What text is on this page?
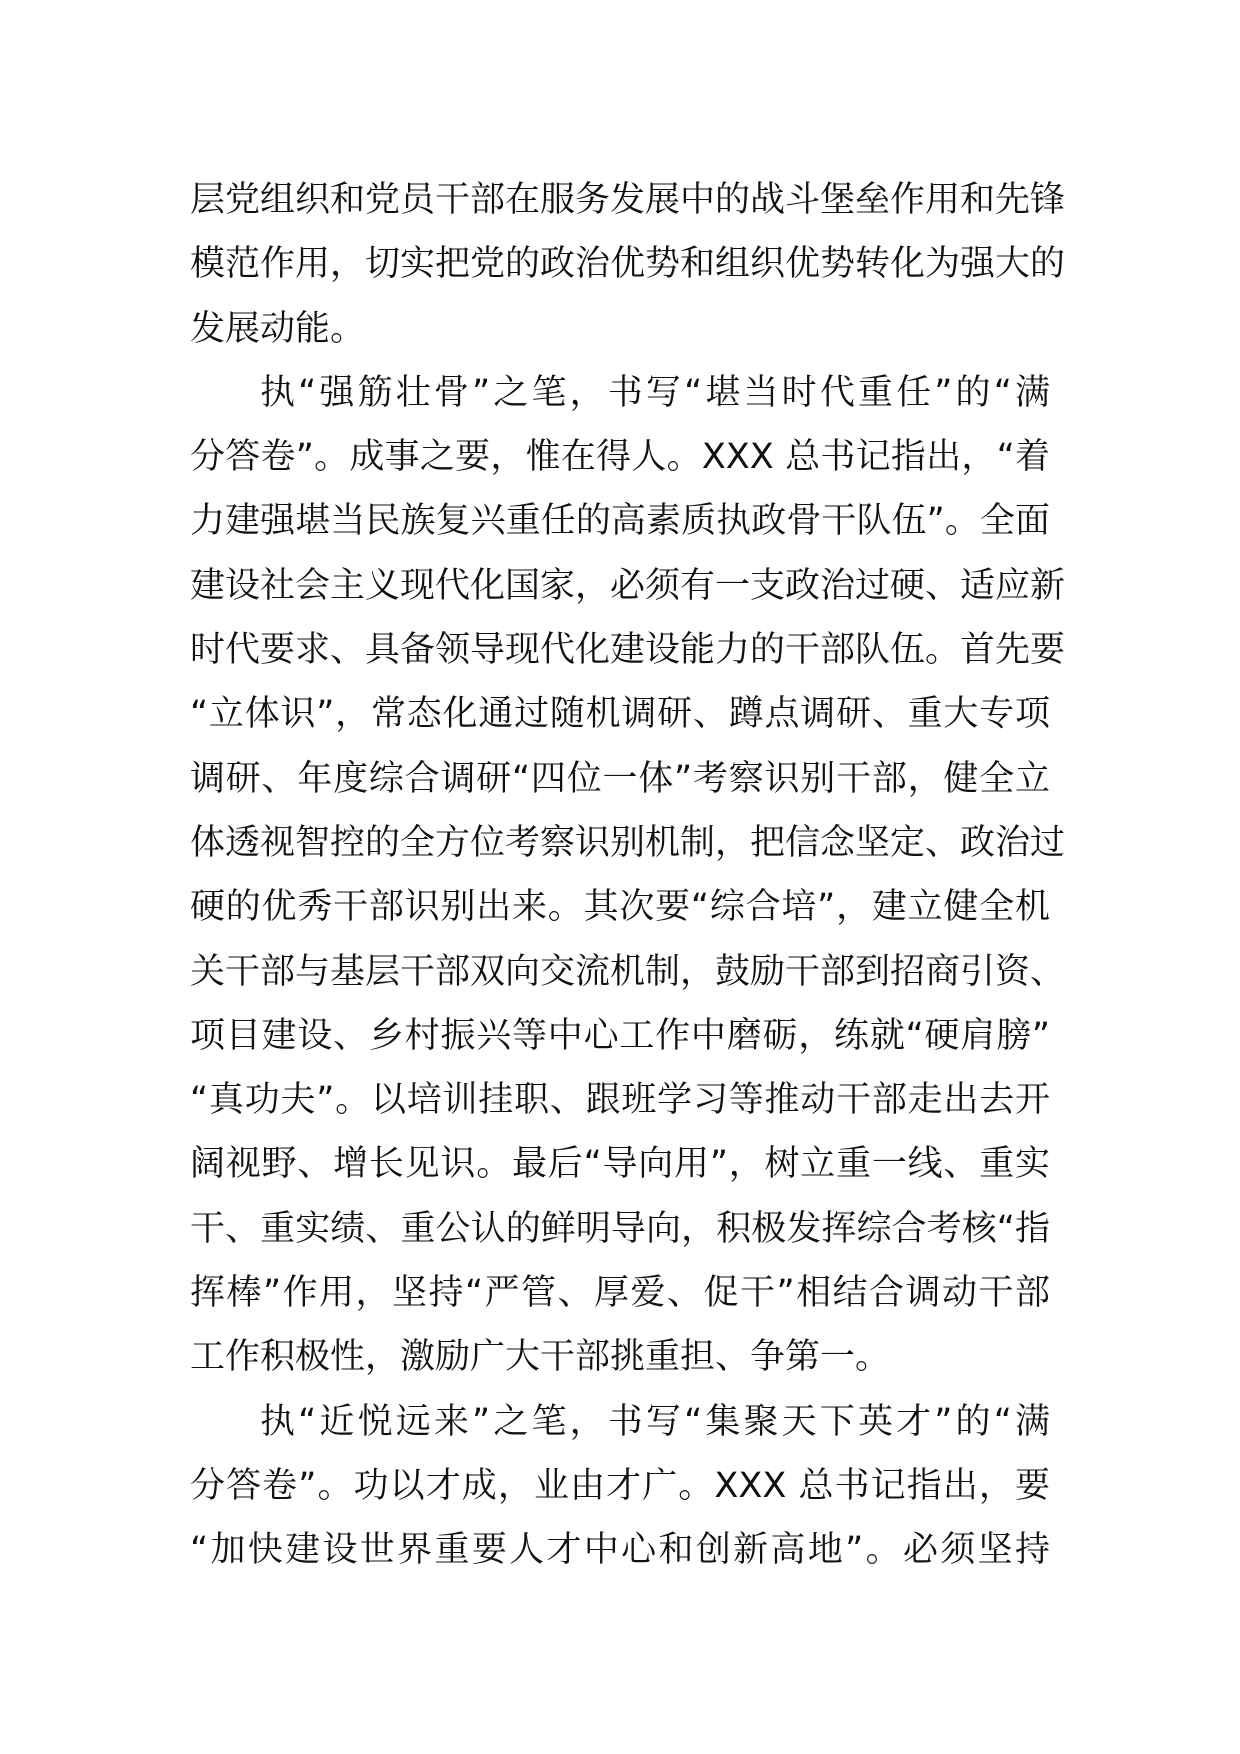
层党组织和党员干部在服务发展中的战斗堡垒作用和先锋
模范作用，切实把党的政治优势和组织优势转化为强大的
发展动能。
执“强筋壮骨”之笔，书写“堪当时代重任”的“满
分答卷”。成事之要，惟在得人。XXX 总书记指出，“着
力建强堪当民族复兴重任的高素质执政骨干队伍”。全面
建设社会主义现代化国家，必须有一支政治过硬、适应新
时代要求、具备领导现代化建设能力的干部队伍。首先要
“立体识”，常态化通过随机调研、蹲点调研、重大专项
调研、年度综合调研“四位一体”考察识别干部，健全立
体透视智控的全方位考察识别机制，把信念坚定、政治过
硬的优秀干部识别出来。其次要“综合培”，建立健全机
关干部与基层干部双向交流机制，鼓励干部到招商引资、
项目建设、乡村振兴等中心工作中磨砺，练就“硬肩膀”
“真功夫”。以培训挂职、跟班学习等推动干部走出去开
阔视野、增长见识。最后“导向用”，树立重一线、重实
干、重实绩、重公认的鲜明导向，积极发挥综合考核“指
挥棒”作用，坚持“严管、厚爱、促干”相结合调动干部
工作积极性，激励广大干部挑重担、争第一。
执“近悦远来”之笔，书写“集聚天下英才”的“满
分答卷”。功以才成，业由才广。XXX 总书记指出，要
“加快建设世界重要人才中心和创新高地”。必须坚持
